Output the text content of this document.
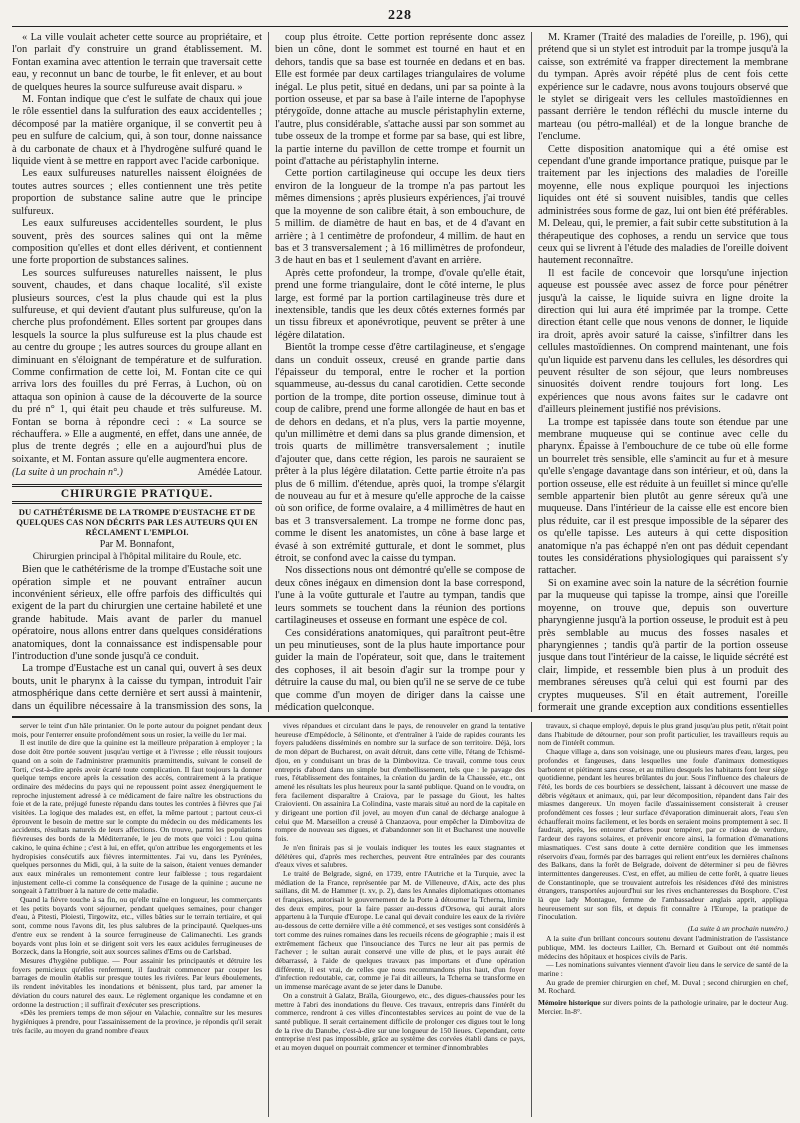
228

« La ville voulait acheter cette source au propriétaire, et l'on parlait d'y construire un grand établissement. M. Fontan examina avec attention le terrain que traversait cette eau, y reconnut un banc de tourbe, le fit enlever, et au bout de quelques heures la source sulfureuse avait disparu. »

M. Fontan indique que c'est le sulfate de chaux qui joue le rôle essentiel dans la sulfuration des eaux accidentelles ; décomposé par la matière organique, il se convertit peu à peu en sulfure de calcium, qui, à son tour, donne naissance à du carbonate de chaux et à l'hydrogène sulfuré quand le liquide vient à se mettre en rapport avec l'acide carbonique.

Les eaux sulfureuses naturelles naissent éloignées de toutes autres sources ; elles contiennent une très petite proportion de substance saline autre que le principe sulfureux.

Les eaux sulfureuses accidentelles sourdent, le plus souvent, près des sources salines qui ont la même composition qu'elles et dont elles dérivent, et contiennent une forte proportion de substances salines.

Les sources sulfureuses naturelles naissent, le plus souvent, chaudes, et dans chaque localité, s'il existe plusieurs sources, c'est la plus chaude qui est la plus sulfureuse, et qui devient d'autant plus sulfureuse, qu'on la cherche plus profondément. Elles sortent par groupes dans lesquels la source la plus sulfureuse est la plus chaude est au centre du groupe ; les autres sources du groupe allant en diminuant en s'éloignant de température et de sulfuration. Comme confirmation de cette loi, M. Fontan cite ce qui arriva lors des fouilles du pré Ferras, à Luchon, où on attaqua son opinion à cause de la découverte de la source du pré n° 1, qui était peu chaude et très sulfureuse. M. Fontan se borna à répondre ceci : « La source se réchauffera. » Elle a augmenté, en effet, dans une année, de plus de trente degrés ; elle en a aujourd'hui plus de soixante, et M. Fontan assure qu'elle augmentera encore.

(La suite à un prochain n°.)	Amédée Latour.
CHIRURGIE PRATIQUE.
DU CATHÉTÉRISME DE LA TROMPE D'EUSTACHE ET DE QUELQUES CAS NON DÉCRITS PAR LES AUTEURS QUI EN RÉCLAMENT L'EMPLOI.
Par M. Bonnafont,
Chirurgien principal à l'hôpital militaire du Roule, etc.

Bien que le cathétérisme de la trompe d'Eustache soit une opération simple et ne pouvant entraîner aucun inconvénient sérieux, elle offre parfois des difficultés qui exigent de la part du chirurgien une certaine habileté et une grande habitude. Mais avant de parler du manuel opératoire, nous allons entrer dans quelques considérations anatomiques, dont la connaissance est indispensable pour l'introduction d'une sonde jusqu'à ce conduit.

La trompe d'Eustache est un canal qui, ouvert à ses deux bouts, unit le pharynx à la caisse du tympan, introduit l'air atmosphérique dans cette dernière et sert aussi à maintenir, dans un équilibre nécessaire à la transmission des sons, la

coup plus étroite. Cette portion représente donc assez bien un cône, dont le sommet est tourné en haut et en dehors, tandis que sa base est tournée en dedans et en bas. Elle est formée par deux cartilages triangulaires de volume inégal. Le plus petit, situé en dedans, uni par sa pointe à la portion osseuse, et par sa base à l'aile interne de l'apophyse ptérygoïde, donne attache au muscle péristaphylin externe, l'autre, plus considérable, s'attache aussi par son sommet au tube osseux de la trompe et forme par sa base, qui est libre, la partie interne du pavillon de cette trompe et fournit un point d'attache au péristaphylin interne.

Cette portion cartilagineuse qui occupe les deux tiers environ de la longueur de la trompe n'a pas partout les mêmes dimensions ; après plusieurs expériences, j'ai trouvé que la moyenne de son calibre était, à son embouchure, de 5 millim. de diamètre de haut en bas, et de 4 d'avant en arrière ; à 1 centimètre de profondeur, 4 millim. de haut en bas et 3 transversalement ; à 16 millimètres de profondeur, 3 de haut en bas et 1 seulement d'avant en arrière.

Après cette profondeur, la trompe, d'ovale qu'elle était, prend une forme triangulaire, dont le côté interne, le plus large, est formé par la portion cartilagineuse très dure et inextensible, tandis que les deux côtés externes formés par un tissu fibreux et aponévrotique, peuvent se prêter à une légère dilatation.

Bientôt la trompe cesse d'être cartilagineuse, et s'engage dans un conduit osseux, creusé en grande partie dans l'épaisseur du temporal, entre le rocher et la portion squammeuse, au-dessus du canal carotidien. Cette seconde portion de la trompe, dite portion osseuse, diminue tout à coup de calibre, prend une forme allongée de haut en bas et de dehors en dedans, et n'a plus, vers la partie moyenne, qu'un millimètre et demi dans sa plus grande dimension, et trois quarts de millimètre transversalement ; inutile d'ajouter que, dans cette région, les parois ne sauraient se prêter à la plus légère dilatation. Cette partie étroite n'a pas plus de 6 millim. d'étendue, après quoi, la trompe s'élargit de nouveau au fur et à mesure qu'elle approche de la caisse où son orifice, de forme ovalaire, a 4 millimètres de haut en bas et 3 transversalement. La trompe ne forme donc pas, comme le disent les anatomistes, un cône à base large et évasé à son extrémité gutturale, et dont le sommet, plus étroit, se confond avec la caisse du tympan.

Nos dissections nous ont démontré qu'elle se compose de deux cônes inégaux en dimension dont la base correspond, l'une à la voûte gutturale et l'autre au tympan, tandis que leurs sommets se touchent dans la réunion des portions cartilagineuses et osseuse en formant une espèce de col.

Ces considérations anatomiques, qui paraîtront peut-être un peu minutieuses, sont de la plus haute importance pour guider la main de l'opérateur, soit que, dans le traitement des cophoses, il ait besoin d'agir sur la trompe pour y détruire la cause du mal, ou bien qu'il ne se serve de ce tube que comme d'un moyen de diriger dans la caisse une médication quelconque.

M. Kramer (Traité des maladies de l'oreille, p. 196), qui prétend que si un stylet est introduit par la trompe jusqu'à la caisse, son extrémité va frapper directement la membrane du tympan. Après avoir répété plus de cent fois cette expérience sur le cadavre, nous avons toujours observé que le stylet se dirigeait vers les cellules mastoïdiennes en passant derrière le tendon réfléchi du muscle interne du marteau (ou pétro-malléal) et de la longue branche de l'enclume.

Cette disposition anatomique qui a été omise est cependant d'une grande importance pratique, puisque par le traitement par les injections des maladies de l'oreille moyenne, elle nous explique pourquoi les injections liquides ont été si souvent nuisibles, tandis que celles administrées sous forme de gaz, lui ont bien été préférables. M. Deleau, qui, le premier, a fait subir cette substitution à la thérapeutique des cophoses, a rendu un service que tous ceux qui se livrent à l'étude des maladies de l'oreille doivent hautement reconnaître.

Il est facile de concevoir que lorsqu'une injection aqueuse est poussée avec assez de force pour pénétrer jusqu'à la caisse, le liquide suivra en ligne droite la direction qui lui aura été imprimée par la trompe. Cette direction étant celle que nous venons de donner, le liquide ira droit, après avoir saturé la caisse, s'infiltrer dans les cellules mastoïdiennes. On comprend maintenant, une fois qu'un liquide est parvenu dans les cellules, les désordres qui peuvent résulter de son séjour, que leurs nombreuses sinuosités doivent rendre toujours fort long. Les expériences que nous avons faites sur le cadavre ont d'ailleurs pleinement justifié nos prévisions.

La trompe est tapissée dans toute son étendue par une membrane muqueuse qui se continue avec celle du pharynx. Épaisse à l'embouchure de ce tube où elle forme un bourrelet très sensible, elle s'amincit au fur et à mesure qu'elle s'engage davantage dans son intérieur, et où, dans la portion osseuse, elle est réduite à un feuillet si mince qu'elle semble appartenir bien plutôt au genre séreux qu'à une muqueuse. Dans l'intérieur de la caisse elle est encore bien plus réduite, car il est presque impossible de la séparer des os qu'elle tapisse. Les auteurs à qui cette disposition anatomique n'a pas échappé n'en ont pas déduit cependant toutes les considérations physiologiques qui paraissent s'y rattacher.

Si on examine avec soin la nature de la sécrétion fournie par la muqueuse qui tapisse la trompe, ainsi que l'oreille moyenne, on trouve que, depuis son ouverture pharyngienne jusqu'à la portion osseuse, le produit est à peu près semblable au mucus des fosses nasales et pharyngiennes ; tandis qu'à partir de la portion osseuse jusque dans tout l'intérieur de la caisse, le liquide sécrété est clair, limpide, et ressemble bien plus à un produit des membranes séreuses qu'à celui qui est fourni par des cryptes muqueuses. S'il en était autrement, l'oreille formerait une grande exception aux conditions essentielles

server le teint d'un hâle printanier. On le porte autour du poignet pendant deux mois, pour l'enterrer ensuite profondément sous un rosier, la veille du 1er mai.

Il est inutile de dire que la quinine est la meilleure préparation à employer ; la dose doit être portée souvent jusqu'au vertige et à l'ivresse ; elle réussit toujours quand on a soin de l'administrer præmunitis præmittendis, suivant le conseil de Torti, c'est-à-dire après avoir écarté toute complication. Il faut toujours la donner quelque temps encore après la cessation des accès, contrairement à la pratique ordinaire des médecins du pays qui ne repoussent point assez énergiquement le reproche injustement adressé à ce médicament de faire naître les obstructions du foie et de la rate, préjugé funeste répandu dans toutes les contrées à fièvres que j'ai visitées. La logique des malades est, en effet, la même partout ; partout ceux-ci éprouvent le besoin de mettre sur le compte du médecin ou des médicaments les accidents, résultats naturels de leurs affections. On trouve, parmi les populations fiévreuses des bords de la Méditerranée, le jeu de mots que voici : Lou quina cakino, le quina échine ; c'est à lui, en effet, qu'on attribue les engorgements et les hydropisies consécutifs aux fièvres intermittentes. J'ai vu, dans les Pyrénées, quelques personnes du Midi, qui, à la suite de la saison, étaient venues demander aux eaux minérales un remontement contre leur faiblesse ; tous regardaient injustement celle-ci comme la conséquence de l'usage de la quinine ; aucune ne songeait à l'attribuer à la nature de cette maladie.

Quand la fièvre touche à sa fin, ou qu'elle traîne en longueur, les commerçants et les petits boyards vont séjourner, pendant quelques semaines, pour changer d'eau, à Pitesti, Ploiesti, Tirgowitz, etc., villes bâties sur le terrain tertiaire, et qui sont, comme nous l'avons dit, les plus salubres de la principauté. Quelques-uns d'entre eux se rendent à la source ferrugineuse de Calimanechti. Les grands boyards vont plus loin et se dirigent soit vers les eaux acidules ferrugineuses de Borzeck, dans la Hongrie, soit aux sources salines d'Ems ou de Carlsbad.

Mesures d'hygiène publique. — Pour assainir les principautés et détruire les foyers pernicieux qu'elles renferment, il faudrait commencer par couper les barrages de moulin établis sur presque toutes les rivières. Par leurs éboulements, ils rendent inévitables les inondations et bénissent, plus tard, par amener la déviation du cours naturel des eaux. Le règlement organique les condamne et en ordonne la destruction ; il suffirait d'exécuter ses prescriptions.

«Dès les premiers temps de mon séjour en Valachie, connaître sur les mesures hygiéniques à prendre, pour l'assainissement de la province, je répondis qu'il serait très facile, au moyen du grand nombre d'eaux

vives répandues et circulant dans le pays, de renouveler en grand la tentative heureuse d'Empédocle, à Sélinonte, et d'entraîner à l'aide de rapides courants les foyers paludéens disséminés en nombre sur la surface de son territoire. Déjà, lors de mon départ de Bucharest, on avait détruit, dans cette ville, l'étang de Tchismé-djou, en y conduisant un bras de la Dimbovitza. Ce travail, comme tous ceux entrepris d'abord dans un simple but d'embellissement, tels que : le pavage des rues, l'établissement des fontaines, la création du jardin de la Chaussée, etc., ont amené les résultats les plus heureux pour la santé publique. Quand on le voudra, on fera facilement disparaître à Craiova, par le passage du Giout, les haltes Craiovienti. On assainira La Colindina, vaste marais situé au nord de la capitale en y dirigeant une portion d'il jovel, au moyen d'un canal de décharge analogue à celui que M. Marseillon a creusé à Chanzaova, pour empêcher la Dimbovitza de rompre de nouveau ses digues, et d'abandonner son lit et Bucharest une nouvelle fois.

Je n'en finirais pas si je voulais indiquer les toutes les eaux stagnantes et délétères qui, d'après mes recherches, peuvent être entraînées par des courants d'eaux vives et salubres.

Le traité de Belgrade, signé, en 1739, entre l'Autriche et la Turquie, avec la médiation de la France, représentée par M. de Villeneuve, d'Aix, acte des plus saillans, dit M. de Hammer (t. xv, p. 2), dans les Annales diplomatiques ottomanes et françaises, autorisait le gouvernement de la Porte à détourner la Tcherna, limite des deux empires, pour la faire passer au-dessus d'Orsowa, qui aurait alors appartenu à la Turquie d'Europe. Le canal qui devait conduire les eaux de la rivière au-dessous de cette dernière ville a été commencé, et ses vestiges sont considérés à tort comme des ruines romaines dans les recueils récens de géographie ; mais il est extrêmement fâcheux que l'insouciance des Turcs ne leur ait pas permis de l'achever ; le sultan aurait conservé une ville de plus, et le pays aurait été débarrassé, à l'aide de quelques travaux pas importans et d'une opération différente, il est vrai, de celles que nous recommandons plus haut, d'un foyer d'infection redoutable, car, comme je l'ai dit ailleurs, la Tcherna se transforme en un immense marécage avant de se jeter dans le Danube.

On a construit à Galatz, Braïla, Giourgewo, etc., des digues-chaussées pour les mettre à l'abri des inondations du fleuve. Ces travaux, entrepris dans l'intérêt du commerce, rendront à ces villes d'incontestables services au point de vue de la santé publique. Il serait certainement difficile de prolonger ces digues tout le long de la rive du Danube, c'est-à-dire sur une longueur de 150 lieues. Cependant, cette entreprise n'est pas impossible, grâce au système des corvées établi dans ce pays, et au moyen duquel on pourrait commencer et terminer d'innombrables

travaux, si chaque employé, depuis le plus grand jusqu'au plus petit, n'était point dans l'habitude de détourner, pour son profit particulier, les travailleurs requis au nom de l'intérêt commun.

Chaque village a, dans son voisinage, une ou plusieurs mares d'eau, larges, peu profondes et fangeuses, dans lesquelles une foule d'animaux domestiques barbotent et piétinent sans cesse, et au milieu desquels les habitants font leur siège quotidienne, pendant les heures brûlantes du jour. Sous l'influence des chaleurs de l'été, les bords de ces bourbiers se dessèchent, laissant à découvert une masse de débris végétaux et animaux, qui, par leur décomposition, répandent dans l'air des miasmes dangereux. Un moyen facile d'assainissement consisterait à creuser profondément ces fosses ; leur surface d'évaporation diminuerait alors, l'eau s'en échaufferait moins facilement, et les bords en seraient moins promptement à sec. Il faudrait, après, les entourer d'arbres pour tempérer, par ce rideau de verdure, l'ardeur des rayons solaires, et prévenir encore ainsi, la formation d'émanations miasmatiques. C'est sans doute à cette dernière condition que les immenses réservoirs d'eau, formés par des barrages qui relient entr'eux les dernières chaînons des Balkans, dans la forêt de Belgrade, doivent de déterminer si peu de fièvres intermittentes dangereuses. C'est, en effet, au milieu de cette forêt, à quatre lieues de Constantinople, que se trouvaient autrefois les résidences d'été des ministres étrangers, transportées aujourd'hui sur les rives enchanteresses du Bosphore. C'est là que lady Montague, femme de l'ambassadeur anglais apprit, appliqua heureusement sur son fils, et depuis fit connaître à l'Europe, la pratique de l'inoculation.

(La suite à un prochain numéro.)

A la suite d'un brillant concours soutenu devant l'administration de l'assistance publique, MM. les docteurs Lailler, Ch. Bernard et Guibout ont été nommés médecins des hôpitaux et hospices civils de Paris.

— Les nominations suivantes viennent d'avoir lieu dans le service de santé de la marine :

Au grade de premier chirurgien en chef, M. Duval ; second chirurgien en chef, M. Rochard.

Mémoire historique sur divers points de la pathologie urinaire, par le docteur Aug. Mercier. In-8°.
